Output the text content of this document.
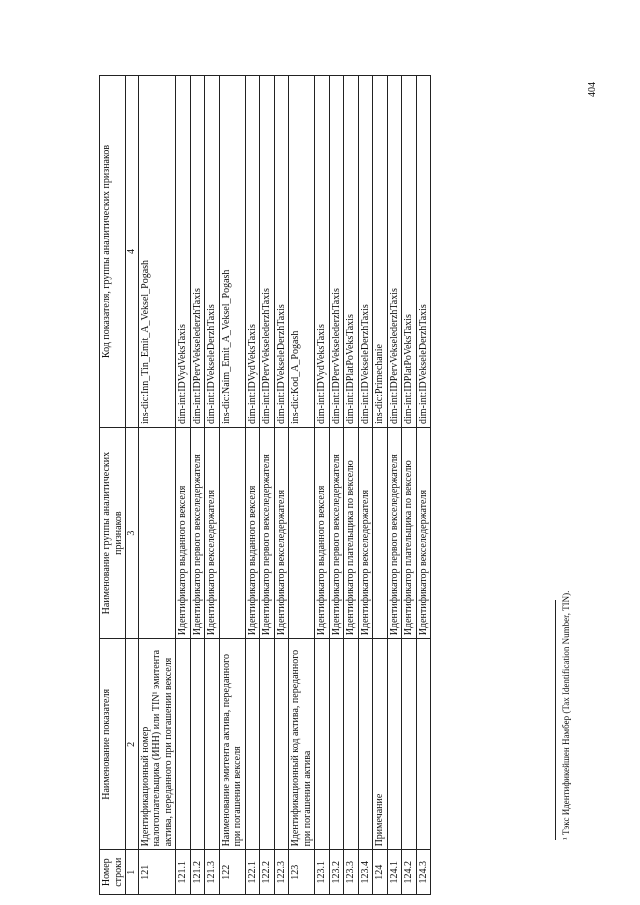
404
¹ Тэкс Идентификейшен Намбер (Tax Identification Number, TIN).
Номер строки	Наименование показателя	Наименование группы аналитических признаков	Код показателя, группы аналитических признаков
1	2	3	4
121	Идентификационный номер налогоплательщика (ИНН) или TIN¹ эмитента актива, переданного при погашении векселя		ins-dic:Inn_Tin_Emit_A_Veksel_Pogash
121.1		Идентификатор выданного векселя	dim-int:IDVydVeksTaxis
121.2		Идентификатор первого векселедержателя	dim-int:IDPervVekselederzhTaxis
121.3		Идентификатор векселедержателя	dim-int:IDVekseleDerzhTaxis
122	Наименование эмитента актива, переданного при погашении векселя		ins-dic:Naim_Emit_A_Veksel_Pogash
122.1		Идентификатор выданного векселя	dim-int:IDVydVeksTaxis
122.2		Идентификатор первого векселедержателя	dim-int:IDPervVekselederzhTaxis
122.3		Идентификатор векселедержателя	dim-int:IDVekseleDerzhTaxis
123	Идентификационный код актива, переданного при погашении актива		ins-dic:Kod_A_Pogash
123.1		Идентификатор выданного векселя	dim-int:IDVydVeksTaxis
123.2		Идентификатор первого векселедержателя	dim-int:IDPervVekselederzhTaxis
123.3		Идентификатор плательщика по векселю	dim-int:IDPlatPoVeksTaxis
123.4		Идентификатор векселедержателя	dim-int:IDVekseleDerzhTaxis
124	Примечание		ins-dic:Primechanie
124.1		Идентификатор первого векселедержателя	dim-int:IDPervVekselederzhTaxis
124.2		Идентификатор плательщика по векселю	dim-int:IDPlatPoVeksTaxis
124.3		Идентификатор векселедержателя	dim-int:IDVekseleDerzhTaxis
